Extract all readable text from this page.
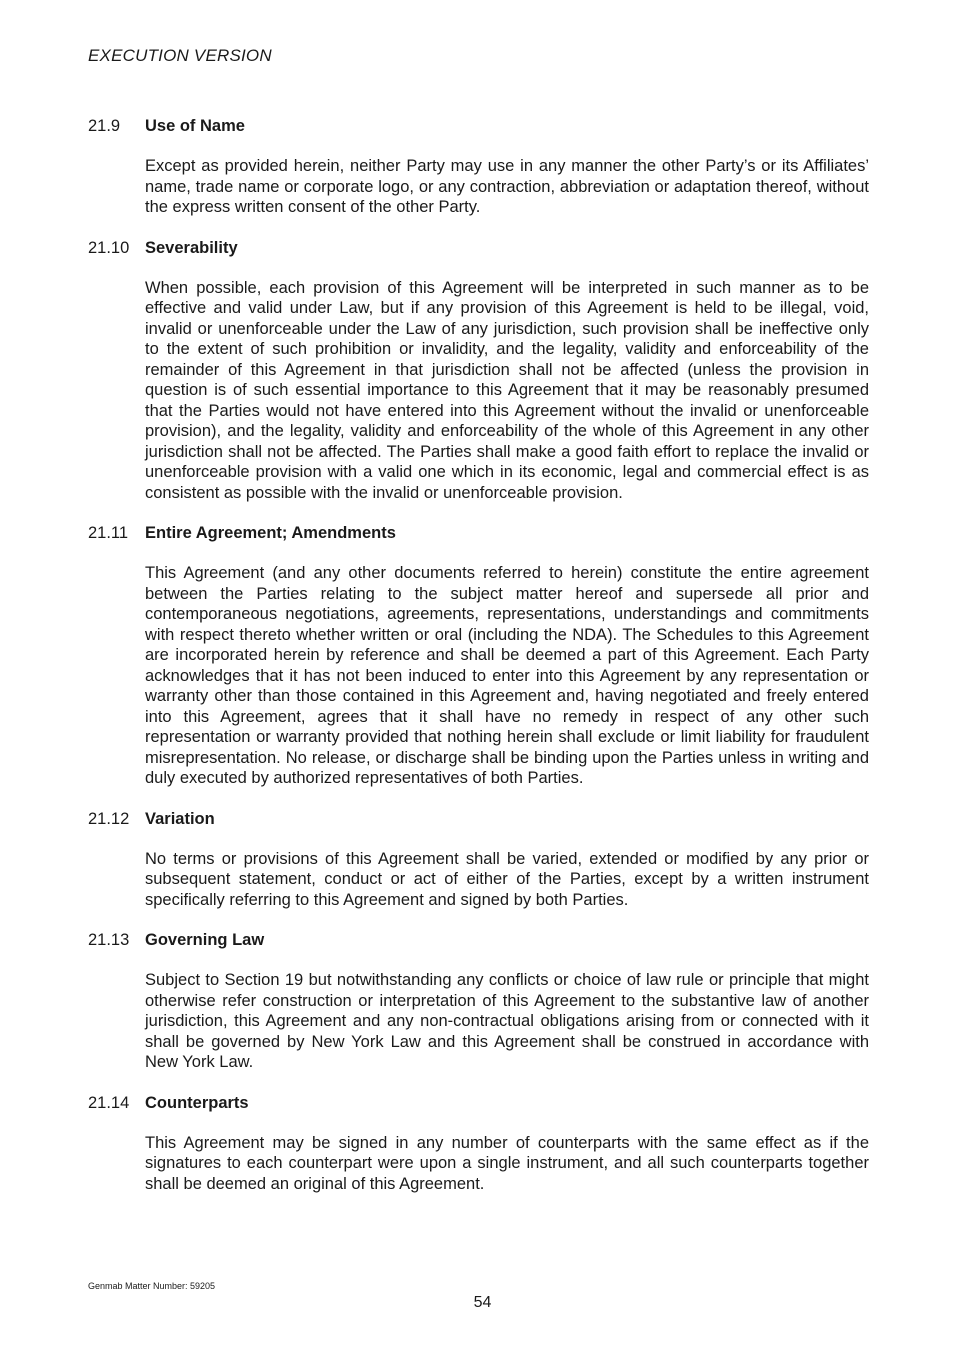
EXECUTION VERSION
21.9	Use of Name
Except as provided herein, neither Party may use in any manner the other Party’s or its Affiliates’ name, trade name or corporate logo, or any contraction, abbreviation or adaptation thereof, without the express written consent of the other Party.
21.10 Severability
When possible, each provision of this Agreement will be interpreted in such manner as to be effective and valid under Law, but if any provision of this Agreement is held to be illegal, void, invalid or unenforceable under the Law of any jurisdiction, such provision shall be ineffective only to the extent of such prohibition or invalidity, and the legality, validity and enforceability of the remainder of this Agreement in that jurisdiction shall not be affected (unless the provision in question is of such essential importance to this Agreement that it may be reasonably presumed that the Parties would not have entered into this Agreement without the invalid or unenforceable provision), and the legality, validity and enforceability of the whole of this Agreement in any other jurisdiction shall not be affected. The Parties shall make a good faith effort to replace the invalid or unenforceable provision with a valid one which in its economic, legal and commercial effect is as consistent as possible with the invalid or unenforceable provision.
21.11	Entire Agreement; Amendments
This Agreement (and any other documents referred to herein) constitute the entire agreement between the Parties relating to the subject matter hereof and supersede all prior and contemporaneous negotiations, agreements, representations, understandings and commitments with respect thereto whether written or oral (including the NDA). The Schedules to this Agreement are incorporated herein by reference and shall be deemed a part of this Agreement. Each Party acknowledges that it has not been induced to enter into this Agreement by any representation or warranty other than those contained in this Agreement and, having negotiated and freely entered into this Agreement, agrees that it shall have no remedy in respect of any other such representation or warranty provided that nothing herein shall exclude or limit liability for fraudulent misrepresentation. No release, or discharge shall be binding upon the Parties unless in writing and duly executed by authorized representatives of both Parties.
21.12 Variation
No terms or provisions of this Agreement shall be varied, extended or modified by any prior or subsequent statement, conduct or act of either of the Parties, except by a written instrument specifically referring to this Agreement and signed by both Parties.
21.13 Governing Law
Subject to Section 19 but notwithstanding any conflicts or choice of law rule or principle that might otherwise refer construction or interpretation of this Agreement to the substantive law of another jurisdiction, this Agreement and any non-contractual obligations arising from or connected with it shall be governed by New York Law and this Agreement shall be construed in accordance with New York Law.
21.14 Counterparts
This Agreement may be signed in any number of counterparts with the same effect as if the signatures to each counterpart were upon a single instrument, and all such counterparts together shall be deemed an original of this Agreement.
Genmab Matter Number: 59205
54
